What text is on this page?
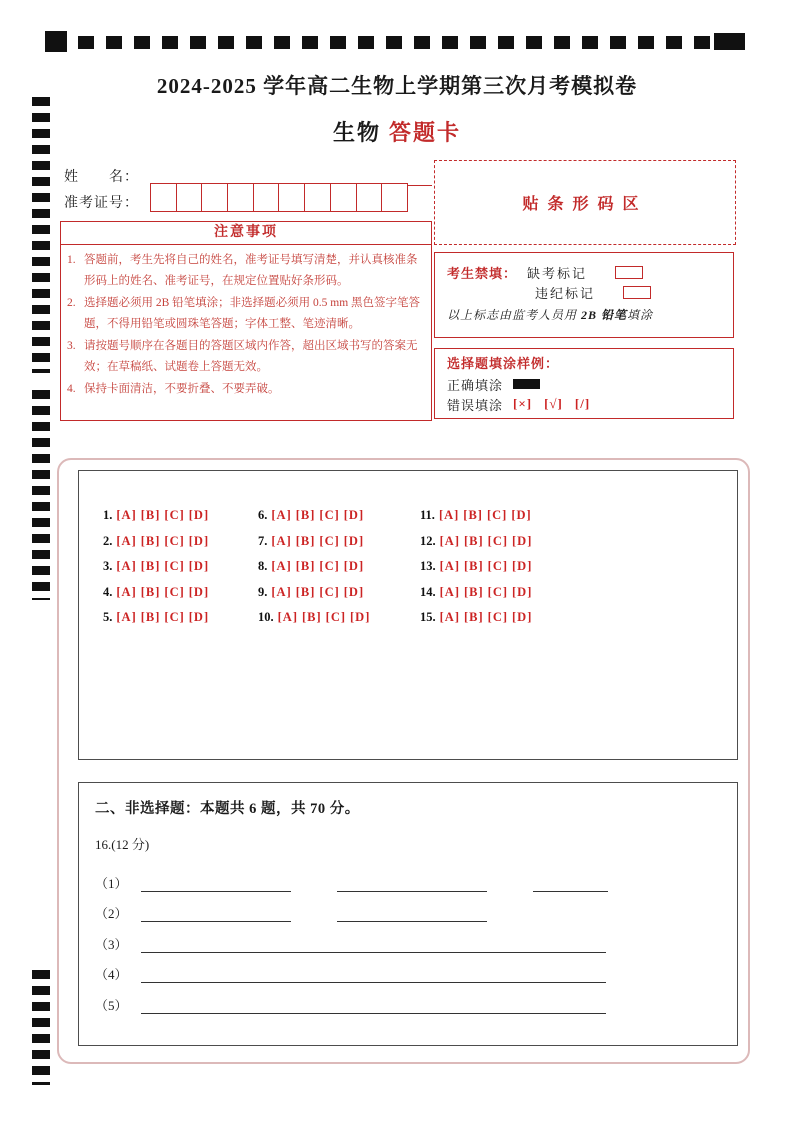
2024-2025 学年高二生物上学期第三次月考模拟卷
生物 答题卡
姓　　名：
准考证号：	贴条形码区
注意事项
1. 答题前，考生先将自己的姓名，准考证号填写清楚，并认真核准条形码上的姓名、准考证号，在规定位置贴好条形码。
2. 选择题必须用 2B 铅笔填涂；非选择题必须用 0.5 mm 黑色签字笔答题，不得用铅笔或圆珠笔答题；字体工整、笔迹清晰。
3. 请按题号顺序在各题目的答题区域内作答，超出区域书写的答案无效；在草稿纸、试题卷上答题无效。
4. 保持卡面清洁，不要折叠、不要弄破。
考生禁填： 缺考标记
违纪标记
以上标志由监考人员用 2B 铅笔填涂
选择题填涂样例：
正确填涂
错误填涂 [×] [√] [/]
1. [A] [B] [C] [D]
2. [A] [B] [C] [D]
3. [A] [B] [C] [D]
4. [A] [B] [C] [D]
5. [A] [B] [C] [D]
6. [A] [B] [C] [D]
7. [A] [B] [C] [D]
8. [A] [B] [C] [D]
9. [A] [B] [C] [D]
10. [A] [B] [C] [D]
11. [A] [B] [C] [D]
12. [A] [B] [C] [D]
13. [A] [B] [C] [D]
14. [A] [B] [C] [D]
15. [A] [B] [C] [D]
二、非选择题：本题共 6 题，共 70 分。
16.(12 分)
（1）
（2）
（3）
（4）
（5）
